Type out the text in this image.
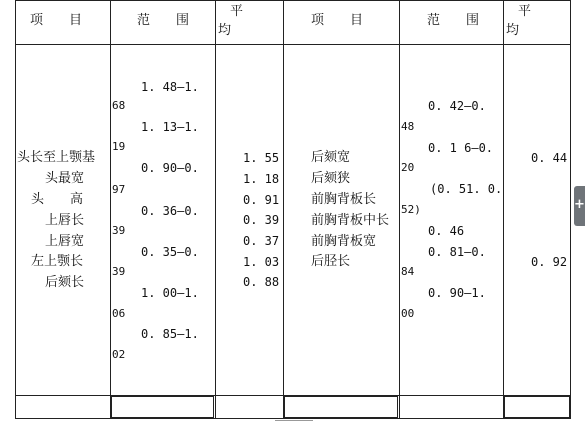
项　　目	范　　围
平
均
项　　目	范　　围
平
均
头长至上颚基
头最宽
头　　高
上唇长
上唇宽
左上颚长
后颏长
1. 48—1.
1. 13—1.
0. 90—0.
0. 36—0.
0. 35—0.
1. 00—1.
0. 85—1.
68
19
97
39
39
06
02
1. 55
1. 18
0. 91
0. 39
0. 37
1. 03
0. 88
后颏宽
后颏狭
前胸背板长
前胸背板中长
前胸背板宽
后胫长
0. 42—0.
0. 1 6—0.
(0. 51. 0.
0. 46
0. 81—0.
0. 90—1.
48
20
52)
84
00
0. 44
0. 92
+
